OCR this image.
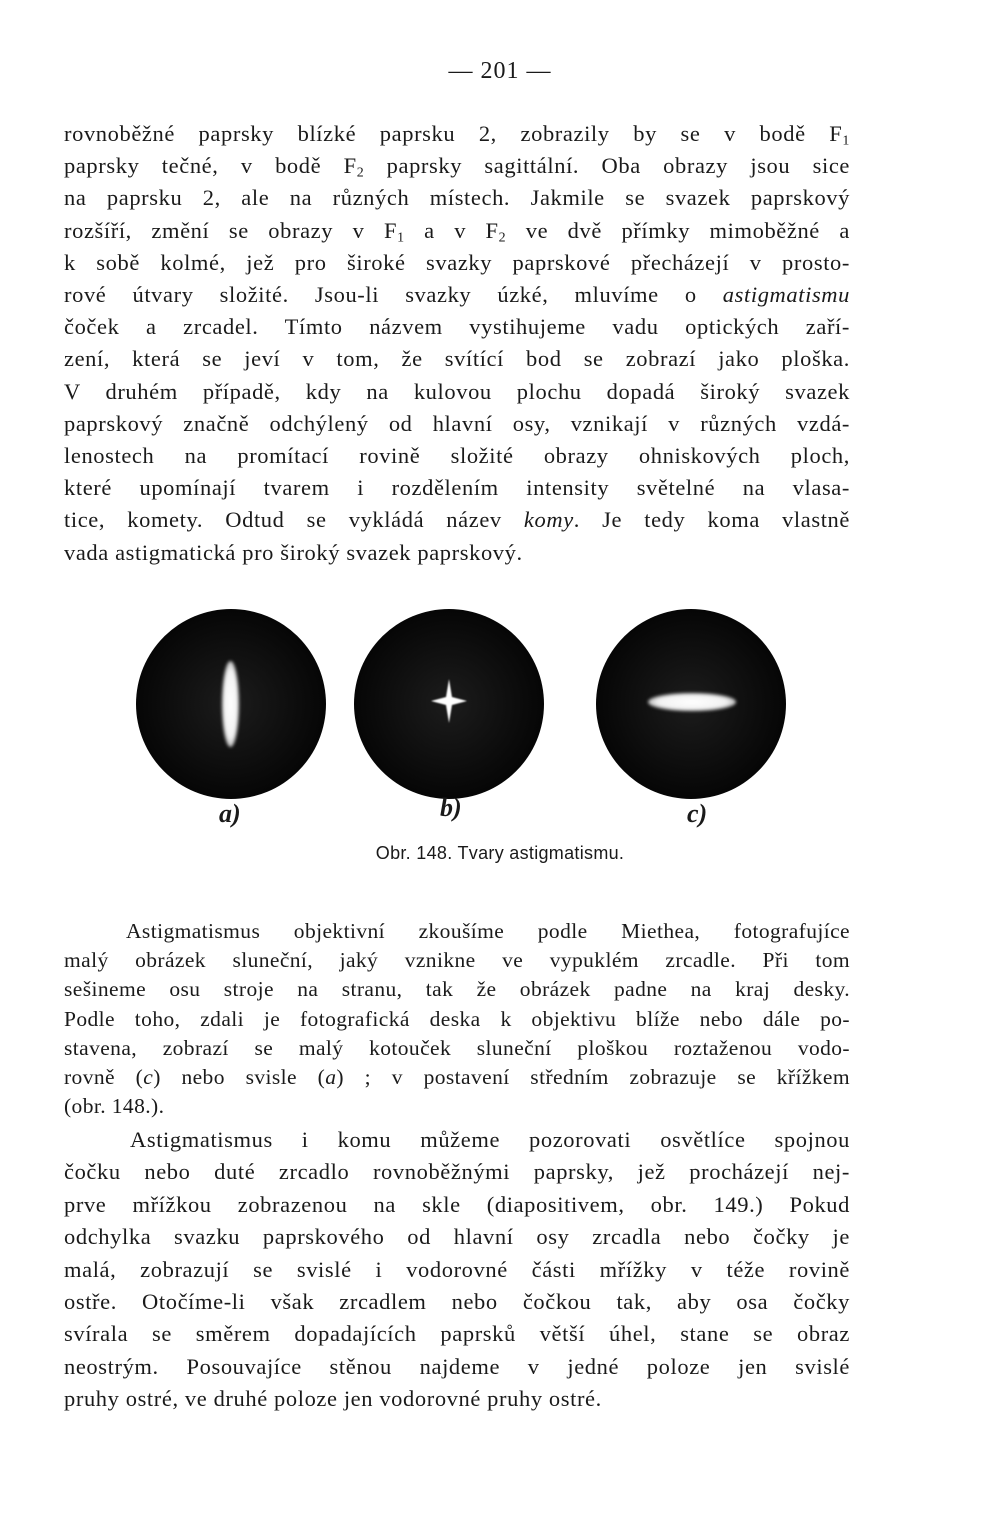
— 201 —

rovnoběžné paprsky blízké paprsku 2, zobrazily by se v bodě $F_1$
paprsky tečné, v bodě $F_2$ paprsky sagittální. Oba obrazy jsou sice
na paprsku 2, ale na různých místech. Jakmile se svazek paprskový
rozšíří, změní se obrazy v $F_1$ a v $F_2$ ve dvě přímky mimoběžné a
k sobě kolmé, jež pro široké svazky paprskové přecházejí v prosto-
rové útvary složité. Jsou-li svazky úzké, mluvíme o astigmatismu
čoček a zrcadel. Tímto názvem vystihujeme vadu optických zaří-
zení, která se jeví v tom, že svítící bod se zobrazí jako ploška.
V druhém případě, kdy na kulovou plochu dopadá široký svazek
paprskový značně odchýlený od hlavní osy, vznikají v různých vzdá-
lenostech na promítací rovině složité obrazy ohniskových ploch,
které upomínají tvarem i rozdělením intensity světelné na vlasa-
tice, komety. Odtud se vykládá název komy. Je tedy koma vlastně
vada astigmatická pro široký svazek paprskový.

a)	b)	c)
Obr. 148. Tvary astigmatismu.

Astigmatismus objektivní zkoušíme podle Miethea, fotografujíce
malý obrázek sluneční, jaký vznikne ve vypuklém zrcadle. Při tom
sešineme osu stroje na stranu, tak že obrázek padne na kraj desky.
Podle toho, zdali je fotografická deska k objektivu blíže nebo dále po-
stavena, zobrazí se malý kotouček sluneční ploškou roztaženou vodo-
rovně (c) nebo svisle (a) ; v postavení středním zobrazuje se křížkem
(obr. 148.).

Astigmatismus i komu můžeme pozorovati osvětlíce spojnou
čočku nebo duté zrcadlo rovnoběžnými paprsky, jež procházejí nej-
prve mřížkou zobrazenou na skle (diapositivem, obr. 149.) Pokud
odchylka svazku paprskového od hlavní osy zrcadla nebo čočky je
malá, zobrazují se svislé i vodorovné části mřížky v téže rovině
ostře. Otočíme-li však zrcadlem nebo čočkou tak, aby osa čočky
svírala se směrem dopadajících paprsků větší úhel, stane se obraz
neostrým. Posouvajíce stěnou najdeme v jedné poloze jen svislé
pruhy ostré, ve druhé poloze jen vodorovné pruhy ostré.
